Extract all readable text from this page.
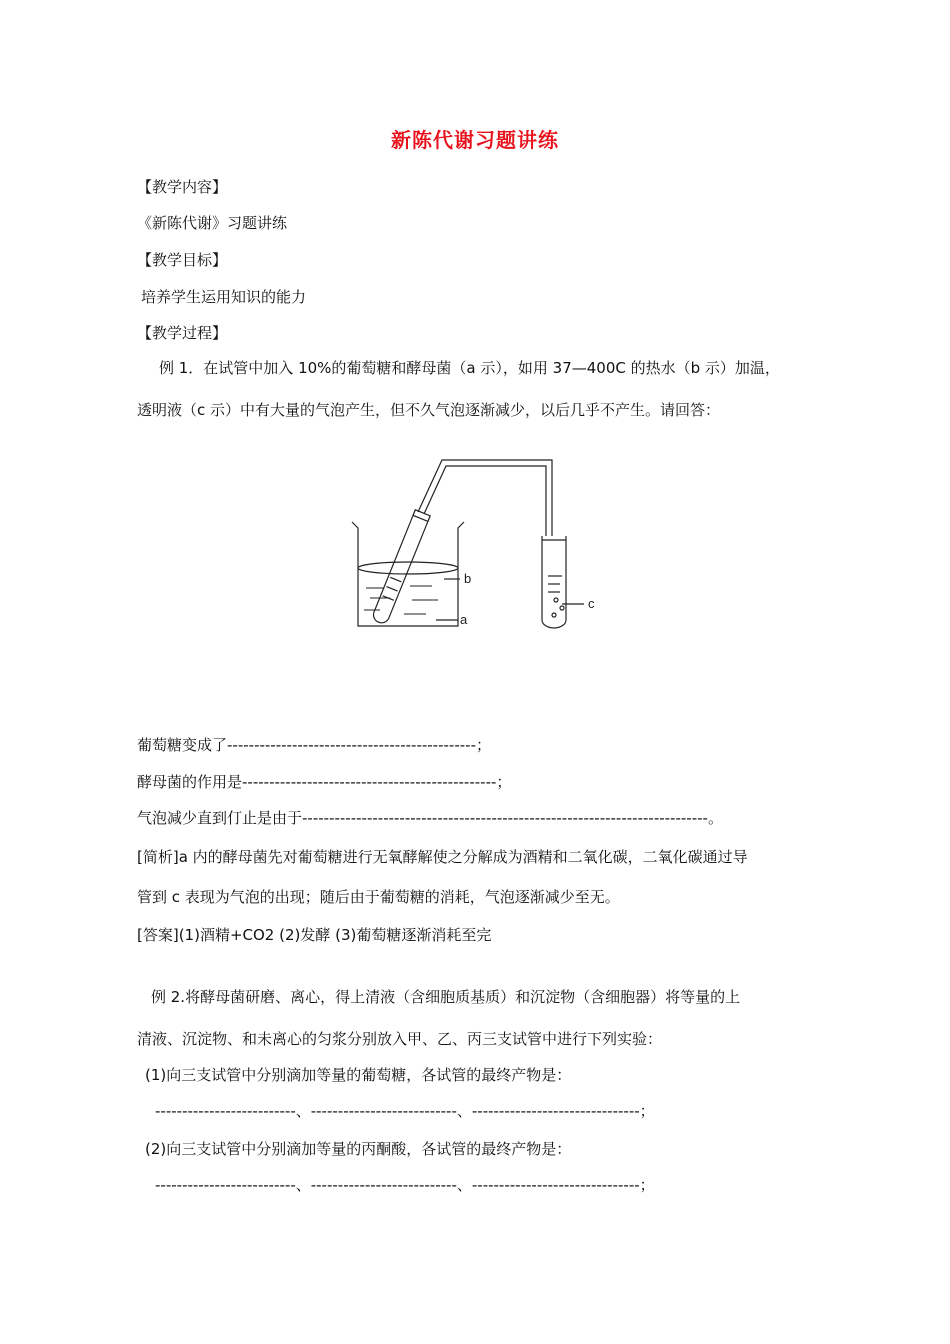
新陈代谢习题讲练
【教学内容】
《新陈代谢》习题讲练
【教学目标】
培养学生运用知识的能力
【教学过程】
例 1．在试管中加入 10%的葡萄糖和酵母菌（a 示），如用 37—400C 的热水（b 示）加温，
透明液（c 示）中有大量的气泡产生，但不久气泡逐渐减少，以后几乎不产生。请回答：
b
a
c
葡萄糖变成了----------------------------------------------；
酵母菌的作用是-----------------------------------------------；
气泡减少直到仃止是由于---------------------------------------------------------------------------。
[简析]a 内的酵母菌先对葡萄糖进行无氧酵解使之分解成为酒精和二氧化碳，二氧化碳通过导
管到 c 表现为气泡的出现；随后由于葡萄糖的消耗，气泡逐渐减少至无。
[答案](1)酒精+CO2 (2)发酵 (3)葡萄糖逐渐消耗至完
例 2.将酵母菌研磨、离心，得上清液（含细胞质基质）和沉淀物（含细胞器）将等量的上
清液、沉淀物、和未离心的匀浆分别放入甲、乙、丙三支试管中进行下列实验：
(1)向三支试管中分别滴加等量的葡萄糖，各试管的最终产物是：
--------------------------、---------------------------、-------------------------------；
(2)向三支试管中分别滴加等量的丙酮酸，各试管的最终产物是：
--------------------------、---------------------------、-------------------------------；
